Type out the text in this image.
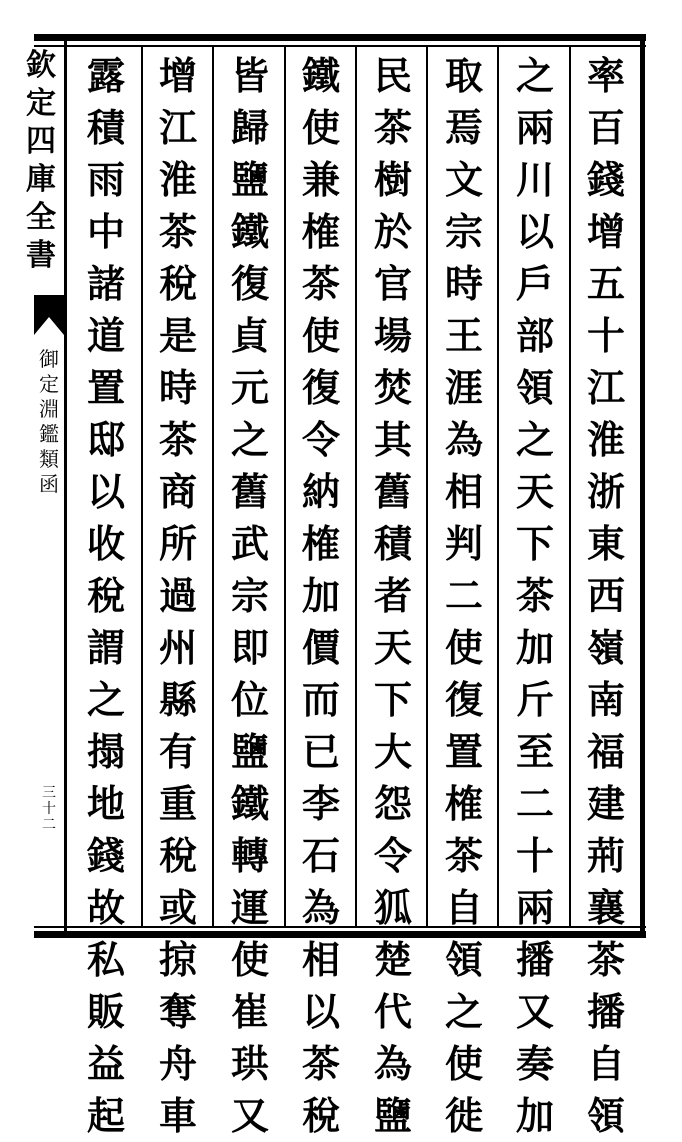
欽
定
四
庫
全
書
御
定
淵
鑑
類
函
三
十
二
率
百
錢
增
五
十
江
淮
浙
東
西
嶺
南
福
建
荊
襄
茶
播
自
領
之
兩
川
以
戶
部
領
之
天
下
茶
加
斤
至
二
十
兩
播
又
奏
加
取
焉
文
宗
時
王
涯
為
相
判
二
使
復
置
榷
茶
自
領
之
使
徙
民
茶
樹
於
官
場
焚
其
舊
積
者
天
下
大
怨
令
狐
楚
代
為
鹽
鐵
使
兼
榷
茶
使
復
令
納
榷
加
價
而
已
李
石
為
相
以
茶
稅
皆
歸
鹽
鐵
復
貞
元
之
舊
武
宗
即
位
鹽
鐵
轉
運
使
崔
珙
又
增
江
淮
茶
稅
是
時
茶
商
所
過
州
縣
有
重
稅
或
掠
奪
舟
車
露
積
雨
中
諸
道
置
邸
以
收
稅
謂
之
搨
地
錢
故
私
販
益
起
